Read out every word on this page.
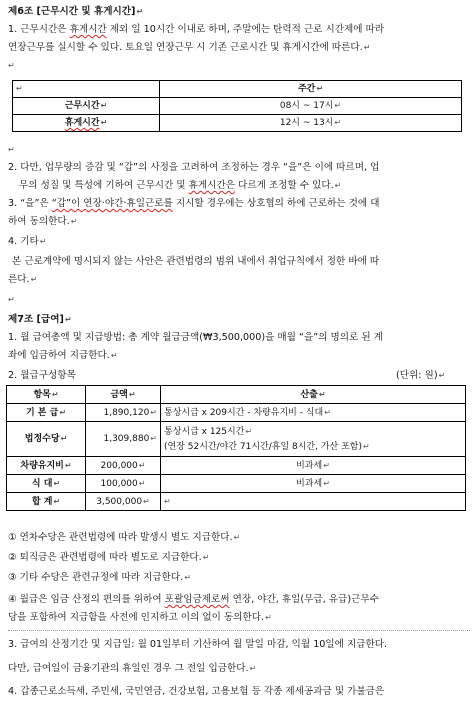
제6조 [근무시간 및 휴게시간]↵
1. 근무시간은 휴게시간 제외 일 10시간 이내로 하며, 주말에는 탄력적 근로 시간제에 따라
연장근무를 실시할 수 있다. 토요일 연장근무 시 기존 근로시간 및 휴게시간에 따른다.↵
↵
↵	주간↵
근무시간↵	08시 ~ 17시↵
휴게시간↵	12시 ~ 13시↵
↵
2. 다만, 업무량의 증감 및 “갑”의 사정을 고려하여 조정하는 경우 “을”은 이에 따르며, 업
무의 성질 및 특성에 기하여 근무시간 및 휴게시간은 다르게 조정할 수 있다.↵
3. “을”은 “갑”이 연장·야간·휴일근로를 지시할 경우에는 상호협의 하에 근로하는 것에 대
하여 동의한다.↵
4. 기타↵
본 근로계약에 명시되지 않는 사안은 관련법령의 범위 내에서 취업규칙에서 정한 바에 따
른다.↵
↵
제7조 [급여]↵
1. 월 급여총액 및 지급방법: 총 계약 월급금액(₩3,500,000)을 매월 “을”의 명의로 된 계
좌에 입금하여 지급한다.↵
2. 월급구성항목	(단위: 원)↵
항목↵	금액↵	산출↵
기 본 급↵	1,890,120↵	통상시급 x 209시간 - 차량유지비 - 식대↵
법정수당↵	1,309,880↵	통상시급 x 125시간↵
(연장 52시간/야간 71시간/휴일 8시간, 가산 포함)↵

차량유지비↵	200,000↵	비과세↵
식 대↵	100,000↵	비과세↵
합 계↵	3,500,000↵	↵
① 연차수당은 관련법령에 따라 발생시 별도 지급한다.↵
② 퇴직금은 관련법령에 따라 별도로 지급한다.↵
③ 기타 수당은 관련규정에 따라 지급한다.↵
④ 월급은 임금 산정의 편의를 위하여 포괄임금제로써 연장, 야간, 휴일(무급, 유급)근무수
당을 포함하여 지급함을 사전에 인지하고 이의 없이 동의한다.↵
3. 급여의 산정기간 및 지급일: 월 01일부터 기산하여 월 말일 마감, 익월 10일에 지급한다.
다만, 급여일이 금융기관의 휴일인 경우 그 전일 입금한다.↵
4. 갑종근로소득세, 주민세, 국민연금, 건강보험, 고용보험 등 각종 제세공과금 및 가불금은
